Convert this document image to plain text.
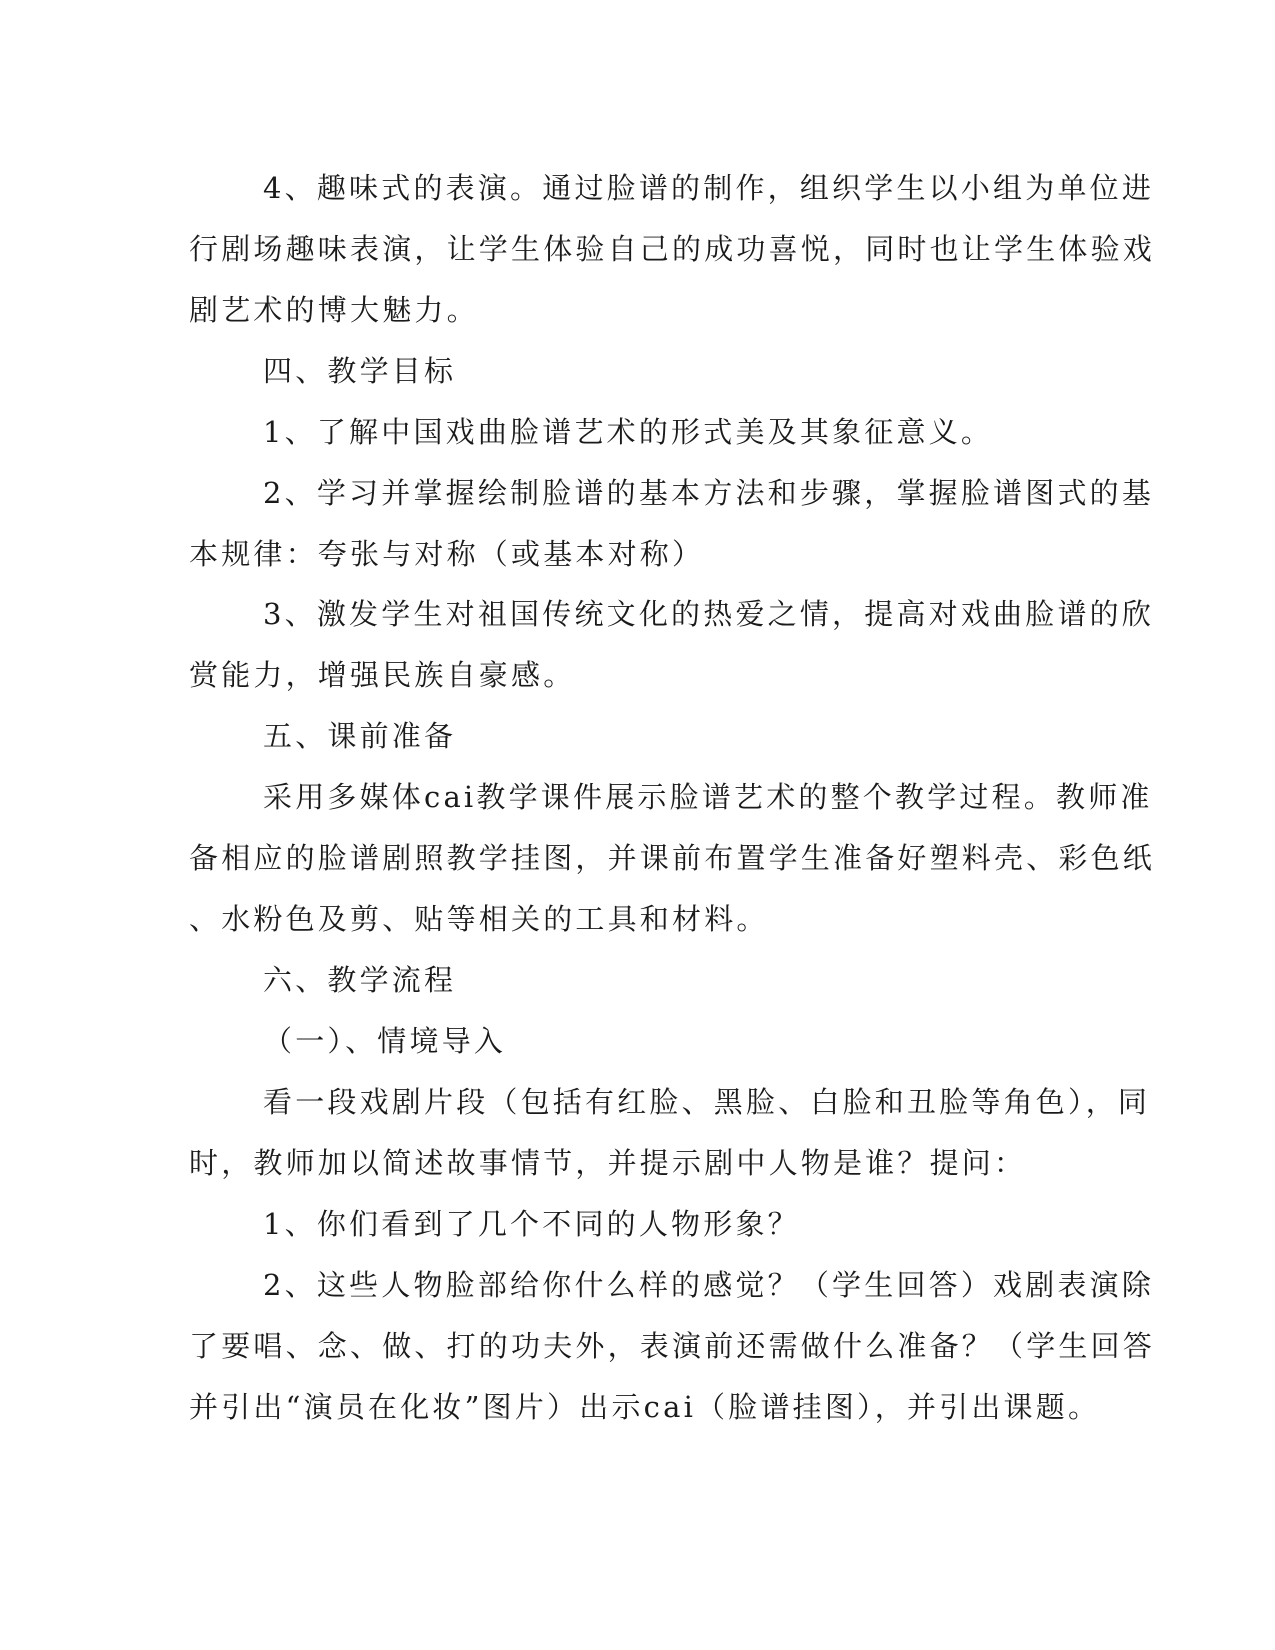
4、趣味式的表演。通过脸谱的制作，组织学生以小组为单位进
行剧场趣味表演，让学生体验自己的成功喜悦，同时也让学生体验戏
剧艺术的博大魅力。
四、教学目标
1、了解中国戏曲脸谱艺术的形式美及其象征意义。
2、学习并掌握绘制脸谱的基本方法和步骤，掌握脸谱图式的基
本规律：夸张与对称（或基本对称）
3、激发学生对祖国传统文化的热爱之情，提高对戏曲脸谱的欣
赏能力，增强民族自豪感。
五、课前准备
采用多媒体cai教学课件展示脸谱艺术的整个教学过程。教师准
备相应的脸谱剧照教学挂图，并课前布置学生准备好塑料壳、彩色纸
、水粉色及剪、贴等相关的工具和材料。
六、教学流程
（一）、情境导入
看一段戏剧片段（包括有红脸、黑脸、白脸和丑脸等角色），同
时，教师加以简述故事情节，并提示剧中人物是谁？提问：
1、你们看到了几个不同的人物形象？
2、这些人物脸部给你什么样的感觉？（学生回答）戏剧表演除
了要唱、念、做、打的功夫外，表演前还需做什么准备？（学生回答
并引出“演员在化妆”图片）出示cai（脸谱挂图），并引出课题。
